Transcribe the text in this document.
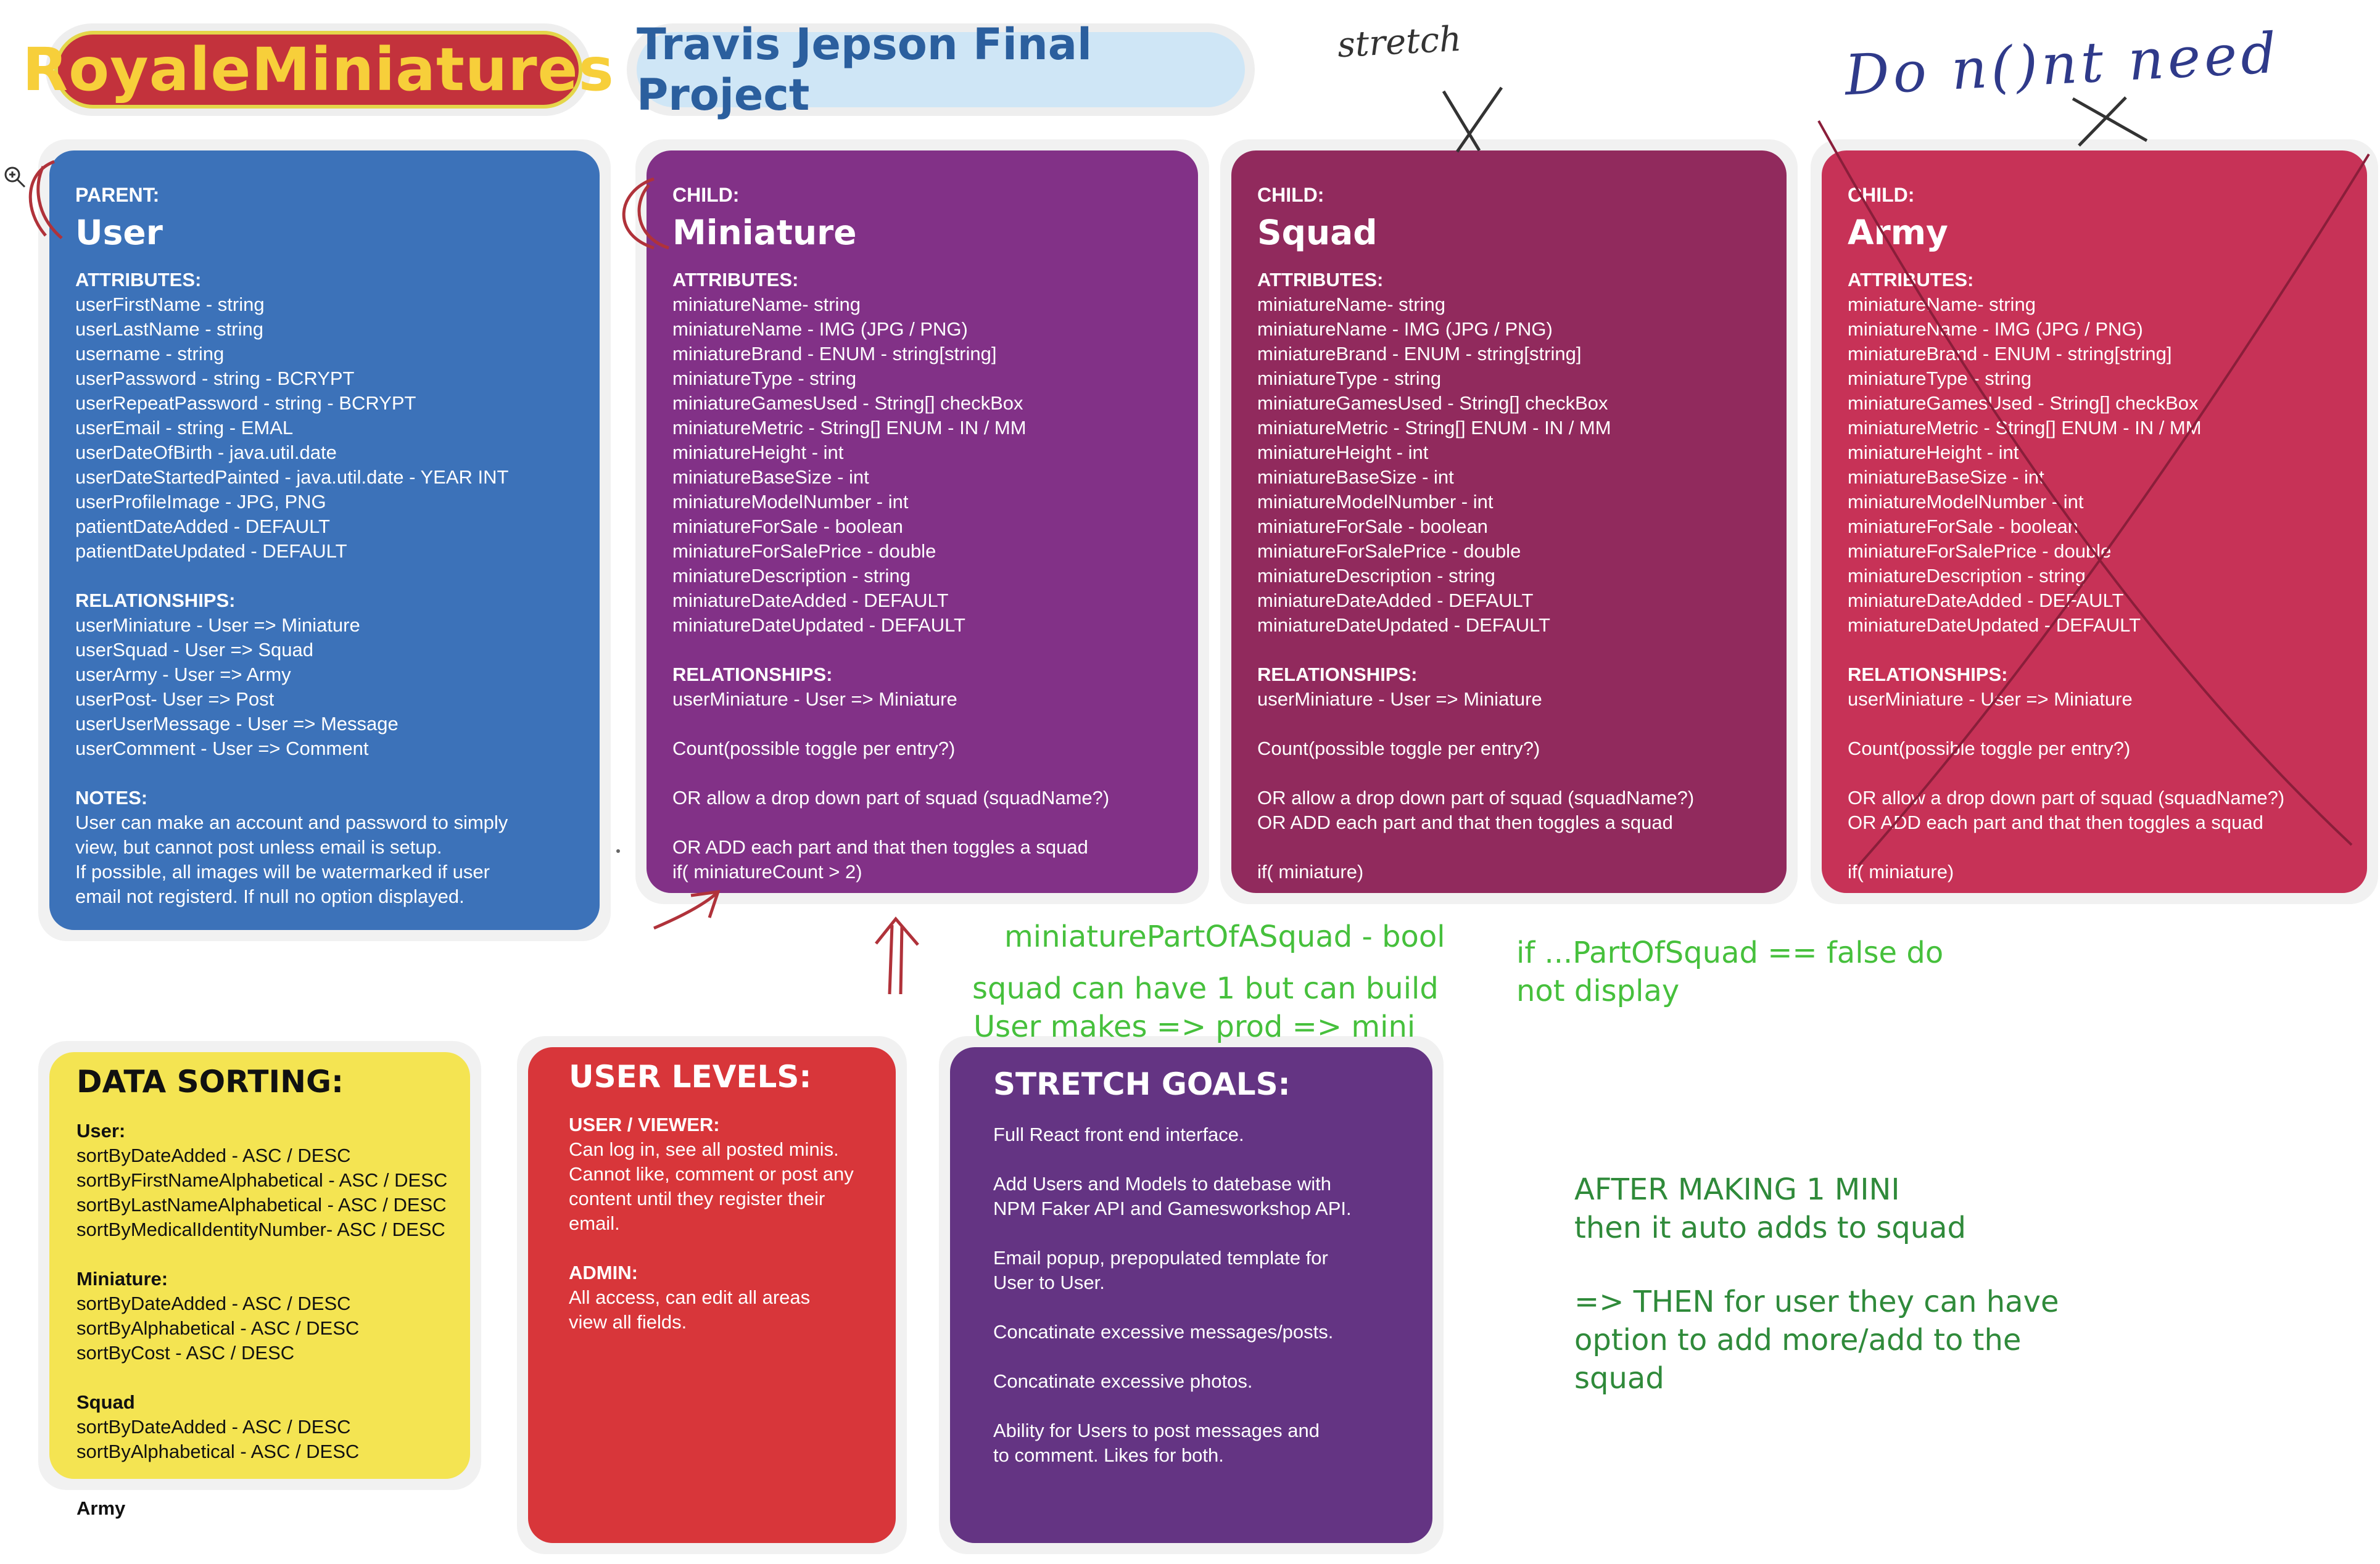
RoyaleMiniatures Travis Jepson Final Project
PARENT:
User
ATTRIBUTES:
userFirstName - string
userLastName - string
username - string
userPassword - string - BCRYPT
userRepeatPassword - string - BCRYPT
userEmail - string - EMAL
userDateOfBirth - java.util.date
userDateStartedPainted - java.util.date - YEAR INT
userProfileImage - JPG, PNG
patientDateAdded - DEFAULT
patientDateUpdated - DEFAULT
RELATIONSHIPS:
userMiniature - User => Miniature
userSquad - User => Squad
userArmy - User => Army
userPost- User => Post
userUserMessage - User => Message
userComment - User => Comment
NOTES:
User can make an account and password to simply
view, but cannot post unless email is setup.
If possible, all images will be watermarked if user
email not registerd. If null no option displayed.
CHILD:
Miniature
ATTRIBUTES:
miniatureName- string
miniatureName - IMG (JPG / PNG)
miniatureBrand - ENUM - string[string]
miniatureType - string
miniatureGamesUsed - String[] checkBox
miniatureMetric - String[] ENUM - IN / MM
miniatureHeight - int
miniatureBaseSize - int
miniatureModelNumber - int
miniatureForSale - boolean
miniatureForSalePrice - double
miniatureDescription - string
miniatureDateAdded - DEFAULT
miniatureDateUpdated - DEFAULT
RELATIONSHIPS:
userMiniature - User => Miniature
Count(possible toggle per entry?)
OR allow a drop down part of squad (squadName?)
OR ADD each part and that then toggles a squad
if( miniatureCount > 2)
CHILD:
Squad
ATTRIBUTES:
miniatureName- string
miniatureName - IMG (JPG / PNG)
miniatureBrand - ENUM - string[string]
miniatureType - string
miniatureGamesUsed - String[] checkBox
miniatureMetric - String[] ENUM - IN / MM
miniatureHeight - int
miniatureBaseSize - int
miniatureModelNumber - int
miniatureForSale - boolean
miniatureForSalePrice - double
miniatureDescription - string
miniatureDateAdded - DEFAULT
miniatureDateUpdated - DEFAULT
RELATIONSHIPS:
userMiniature - User => Miniature
Count(possible toggle per entry?)
OR allow a drop down part of squad (squadName?)
OR ADD each part and that then toggles a squad
if( miniature)
CHILD:
Army
ATTRIBUTES:
miniatureName- string
miniatureName - IMG (JPG / PNG)
miniatureBrand - ENUM - string[string]
miniatureType - string
miniatureGamesUsed - String[] checkBox
miniatureMetric - String[] ENUM - IN / MM
miniatureHeight - int
miniatureBaseSize - int
miniatureModelNumber - int
miniatureForSale - boolean
miniatureForSalePrice - double
miniatureDescription - string
miniatureDateAdded - DEFAULT
miniatureDateUpdated - DEFAULT
RELATIONSHIPS:
userMiniature - User => Miniature
Count(possible toggle per entry?)
OR allow a drop down part of squad (squadName?)
OR ADD each part and that then toggles a squad
if( miniature)
DATA SORTING:
User:
sortByDateAdded - ASC / DESC
sortByFirstNameAlphabetical - ASC / DESC
sortByLastNameAlphabetical - ASC / DESC
sortByMedicalIdentityNumber- ASC / DESC
Miniature:
sortByDateAdded - ASC / DESC
sortByAlphabetical - ASC / DESC
sortByCost - ASC / DESC
Squad
sortByDateAdded - ASC / DESC
sortByAlphabetical - ASC / DESC
Army
USER LEVELS:
USER / VIEWER:
Can log in, see all posted minis.
Cannot like, comment or post any
content until they register their
email.
ADMIN:
All access, can edit all areas
view all fields.
STRETCH GOALS:
Full React front end interface.
Add Users and Models to datebase with
NPM Faker API and Gamesworkshop API.
Email popup, prepopulated template for
User to User.
Concatinate excessive messages/posts.
Concatinate excessive photos.
Ability for Users to post messages and
to comment. Likes for both.
stretch	Do n()nt need
miniaturePartOfASquad - bool
squad can have 1 but can build
User makes => prod => mini
if ...PartOfSquad == false do
not display
AFTER MAKING 1 MINI
then it auto adds to squad
=> THEN for user they can have
option to add more/add to the
squad
